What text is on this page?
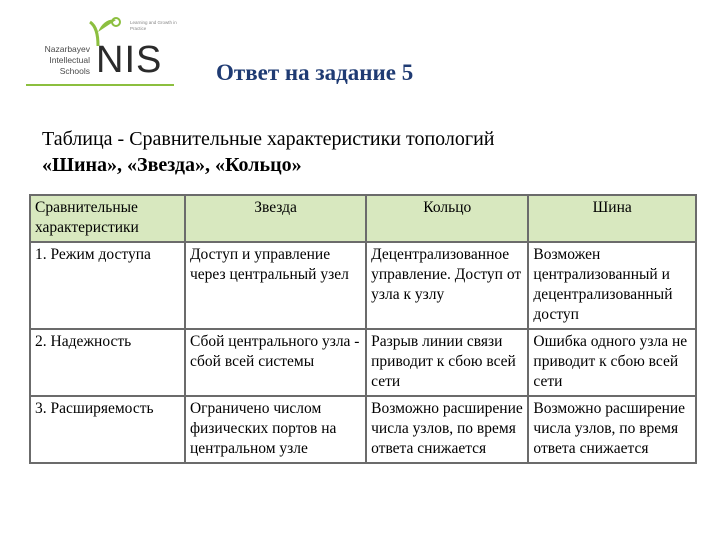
Nazarbayev
Intellectual
Schools NIS
Learning and Growth in Practice
Ответ на задание 5
Таблица - Сравнительные характеристики топологий
«Шина», «Звезда», «Кольцо»
Сравнительные характеристики	Звезда	Кольцо	Шина
1. Режим доступа	Доступ и управление через центральный узел	Децентрализованное управление. Доступ от узла к узлу	Возможен централизованный и децентрализованный доступ
2. Надежность	Сбой центрального узла - сбой всей системы	Разрыв линии связи приводит к сбою всей сети	Ошибка одного узла не приводит к сбою всей сети
3. Расширяемость	Ограничено числом физических портов на центральном узле	Возможно расширение числа узлов, по время ответа снижается	Возможно расширение числа узлов, по время ответа снижается
